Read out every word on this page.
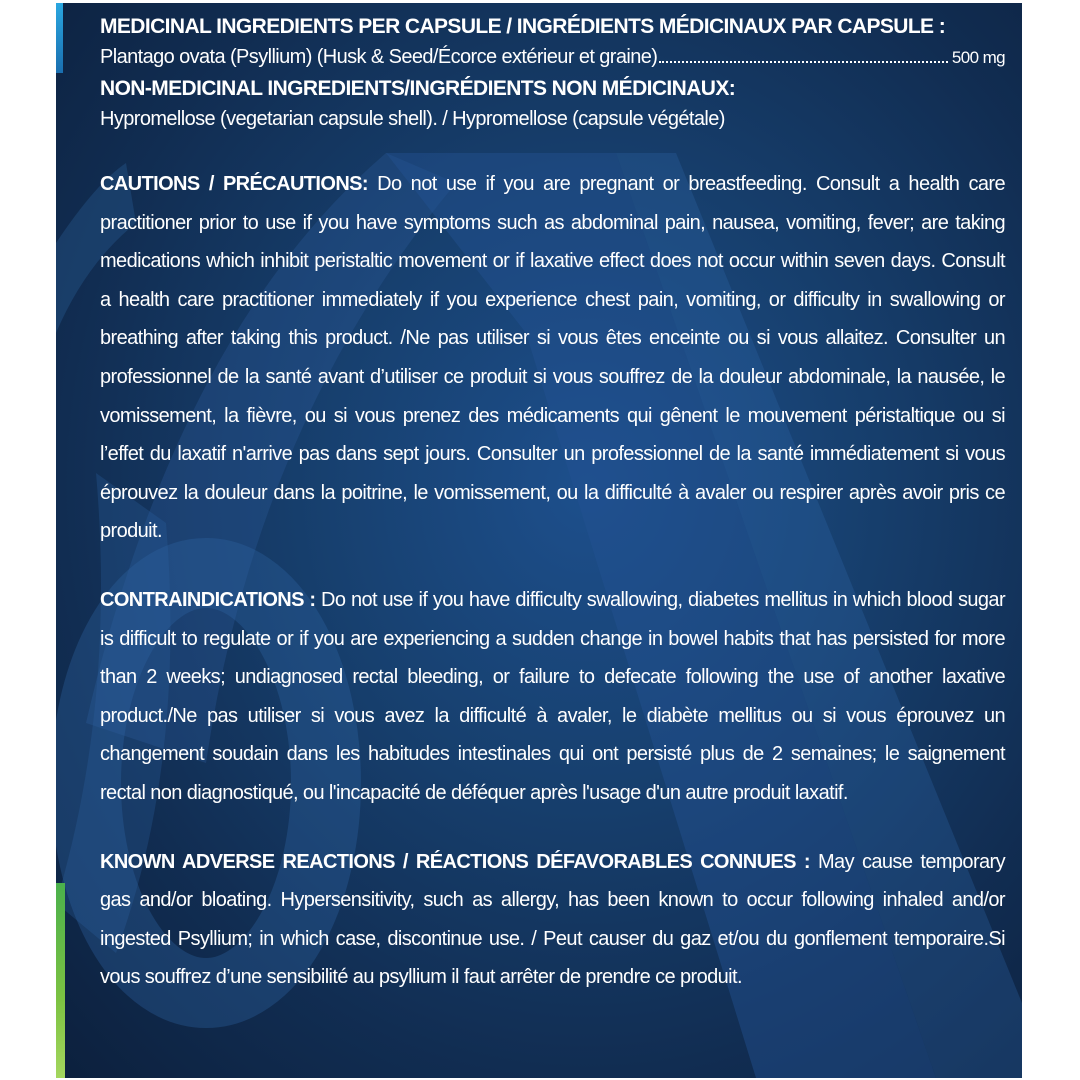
MEDICINAL INGREDIENTS PER CAPSULE / INGRÉDIENTS MÉDICINAUX PAR CAPSULE :
Plantago ovata (Psyllium) (Husk & Seed/Écorce extérieur et graine)	500 mg
NON-MEDICINAL INGREDIENTS/INGRÉDIENTS NON MÉDICINAUX:
Hypromellose (vegetarian capsule shell). / Hypromellose (capsule végétale)
CAUTIONS / PRÉCAUTIONS: Do not use if you are pregnant or breastfeeding. Consult a health care practitioner prior to use if you have symptoms such as abdominal pain, nausea, vomiting, fever; are taking medications which inhibit peristaltic movement or if laxative effect does not occur within seven days. Consult a health care practitioner immediately if you experience chest pain, vomiting, or difficulty in swallowing or breathing after taking this product. /Ne pas utiliser si vous êtes enceinte ou si vous allaitez. Consulter un professionnel de la santé avant d’utiliser ce produit si vous souffrez de la douleur abdominale, la nausée, le vomissement, la fièvre, ou si vous prenez des médicaments qui gênent le mouvement péristaltique ou si l’effet du laxatif n'arrive pas dans sept jours. Consulter un professionnel de la santé immédiatement si vous éprouvez la douleur dans la poitrine, le vomissement, ou la difficulté à avaler ou respirer après avoir pris ce produit.
CONTRAINDICATIONS : Do not use if you have difficulty swallowing, diabetes mellitus in which blood sugar is difficult to regulate or if you are experiencing a sudden change in bowel habits that has persisted for more than 2 weeks; undiagnosed rectal bleeding, or failure to defecate following the use of another laxative product./Ne pas utiliser si vous avez la difficulté à avaler, le diabète mellitus ou si vous éprouvez un changement soudain dans les habitudes intestinales qui ont persisté plus de 2 semaines; le saignement rectal non diagnostiqué, ou l'incapacité de déféquer après l'usage d'un autre produit laxatif.
KNOWN ADVERSE REACTIONS / RÉACTIONS DÉFAVORABLES CONNUES : May cause temporary gas and/or bloating. Hypersensitivity, such as allergy, has been known to occur following inhaled and/or ingested Psyllium; in which case, discontinue use. / Peut causer du gaz et/ou du gonflement temporaire.Si vous souffrez d’une sensibilité au psyllium il faut arrêter de prendre ce produit.
